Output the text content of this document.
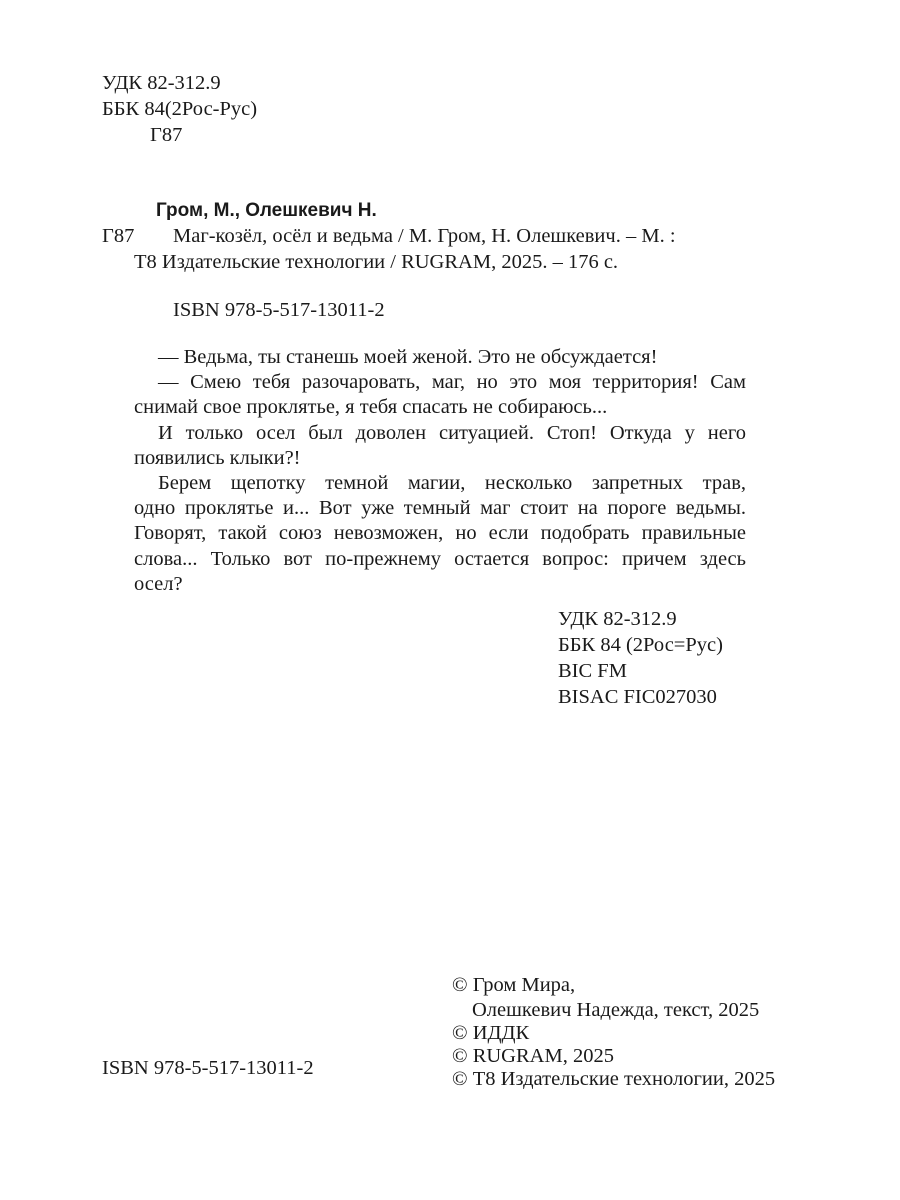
УДК 82-312.9
ББК 84(2Рос-Рус)
Г87
Гром, М., Олешкевич Н.
Г87 Маг-козёл, осёл и ведьма / М. Гром, Н. Олешкевич. – М. :
Т8 Издательские технологии / RUGRAM, 2025. – 176 с.
ISBN 978-5-517-13011-2

— Ведьма, ты станешь моей женой. Это не обсуждается!

— Смею тебя разочаровать, маг, но это моя территория! Сам

снимай свое проклятье, я тебя спасать не собираюсь...

И только осел был доволен ситуацией. Стоп! Откуда у него

появились клыки?!

Берем щепотку темной магии, несколько запретных трав,

одно проклятье и... Вот уже темный маг стоит на пороге ведьмы.

Говорят, такой союз невозможен, но если подобрать правильные

слова... Только вот по-прежнему остается вопрос: причем здесь

осел?

УДК 82-312.9
ББК 84 (2Рос=Рус)
BIC FM
BISAC FIC027030
ISBN 978-5-517-13011-2
© Гром Мира,
Олешкевич Надежда, текст, 2025
© ИДДК
© RUGRAM, 2025
© Т8 Издательские технологии, 2025
